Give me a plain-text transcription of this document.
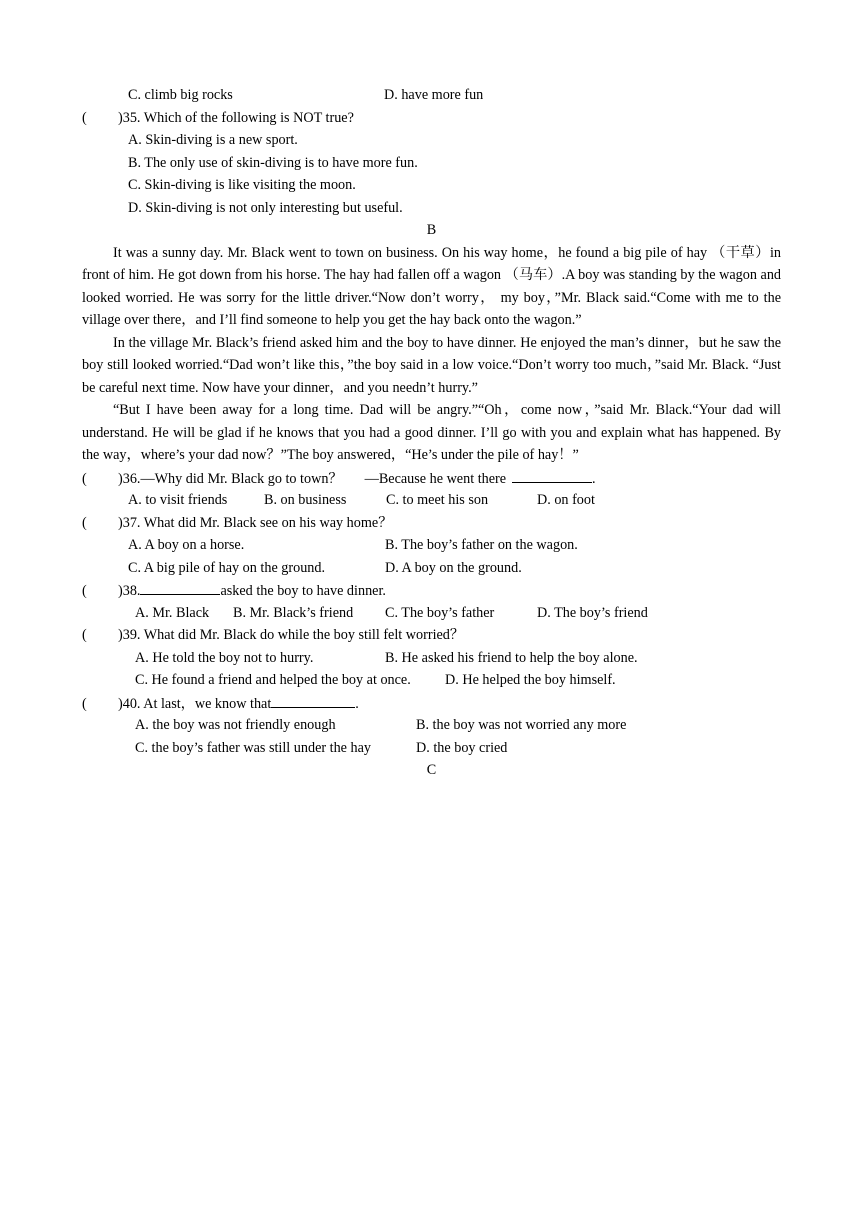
C. climb big rocks	D. have more fun
( )35. Which of the following is NOT true?
A. Skin-diving is a new sport.
B. The only use of skin-diving is to have more fun.
C. Skin-diving is like visiting the moon.
D. Skin-diving is not only interesting but useful.
B

It was a sunny day. Mr. Black went to town on business. On his way home，he found a big pile of hay （干草）in front of him. He got down from his horse. The hay had fallen off a wagon （马车）.A boy was standing by the wagon and looked worried. He was sorry for the little driver.“Now don’t worry， my boy，”Mr. Black said.“Come with me to the village over there，and I’ll find someone to help you get the hay back onto the wagon.”

In the village Mr. Black’s friend asked him and the boy to have dinner. He enjoyed the man’s dinner，but he saw the boy still looked worried.“Dad won’t like this，”the boy said in a low voice.“Don’t worry too much，”said Mr. Black. “Just be careful next time. Now have your dinner，and you needn’t hurry.”

“But I have been away for a long time. Dad will be angry.”“Oh，come now，”said Mr. Black.“Your dad will understand. He will be glad if he knows that you had a good dinner. I’ll go with you and explain what has happened. By the way，where’s your dad now？”The boy answered，“He’s under the pile of hay！”

( )36.—Why did Mr. Black go to town？ —Because he went there	.
A. to visit friends	B. on business	C. to meet his son	D. on foot
( )37. What did Mr. Black see on his way home？
A. A boy on a horse.	B. The boy’s father on the wagon.
C. A big pile of hay on the ground.	D. A boy on the ground.
( )38.	asked the boy to have dinner.
A. Mr. Black B. Mr. Black’s friend C. The boy’s father	D. The boy’s friend
( )39. What did Mr. Black do while the boy still felt worried？
A. He told the boy not to hurry.	B. He asked his friend to help the boy alone.
C. He found a friend and helped the boy at once. D. He helped the boy himself.
( )40. At last，we know that	.
A. the boy was not friendly enough	B. the boy was not worried any more
C. the boy’s father was still under the hay	D. the boy cried
C
